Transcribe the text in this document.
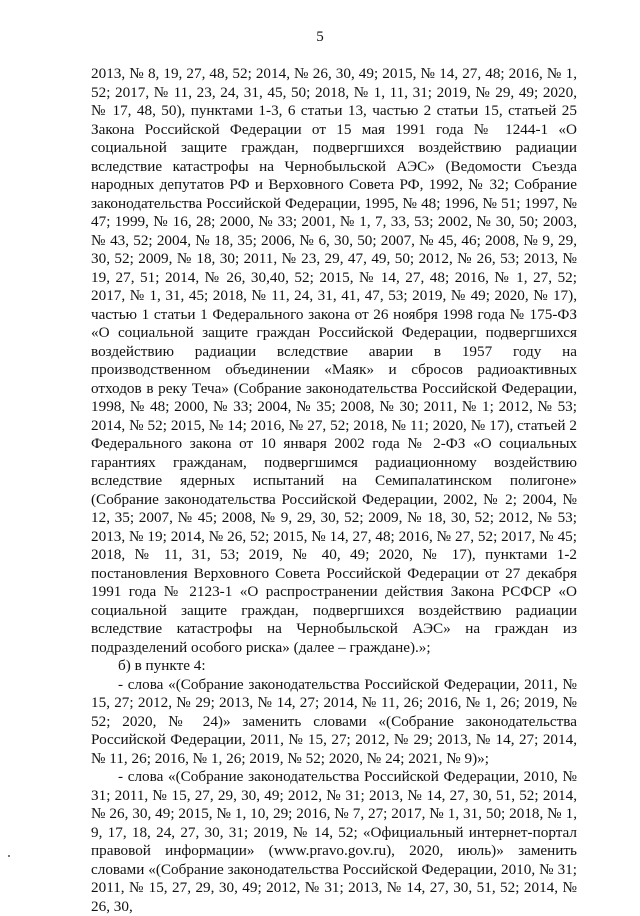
5

2013, № 8, 19, 27, 48, 52; 2014, № 26, 30, 49; 2015, № 14, 27, 48; 2016, № 1, 52; 2017, № 11, 23, 24, 31, 45, 50; 2018, № 1, 11, 31; 2019, № 29, 49; 2020, № 17, 48, 50), пунктами 1-3, 6 статьи 13, частью 2 статьи 15, статьей 25 Закона Российской Федерации от 15 мая 1991 года № 1244-1 «О социальной защите граждан, подвергшихся воздействию радиации вследствие катастрофы на Чернобыльской АЭС» (Ведомости Съезда народных депутатов РФ и Верховного Совета РФ, 1992, № 32; Собрание законодательства Российской Федерации, 1995, № 48; 1996, № 51; 1997, № 47; 1999, № 16, 28; 2000, № 33; 2001, № 1, 7, 33, 53; 2002, № 30, 50; 2003, № 43, 52; 2004, № 18, 35; 2006, № 6, 30, 50; 2007, № 45, 46; 2008, № 9, 29, 30, 52; 2009, № 18, 30; 2011, № 23, 29, 47, 49, 50; 2012, № 26, 53; 2013, № 19, 27, 51; 2014, № 26, 30,40, 52; 2015, № 14, 27, 48; 2016, № 1, 27, 52; 2017, № 1, 31, 45; 2018, № 11, 24, 31, 41, 47, 53; 2019, № 49; 2020, № 17), частью 1 статьи 1 Федерального закона от 26 ноября 1998 года № 175-ФЗ «О социальной защите граждан Российской Федерации, подвергшихся воздействию радиации вследствие аварии в 1957 году на производственном объединении «Маяк» и сбросов радиоактивных отходов в реку Теча» (Собрание законодательства Российской Федерации, 1998, № 48; 2000, № 33; 2004, № 35; 2008, № 30; 2011, № 1; 2012, № 53; 2014, № 52; 2015, № 14; 2016, № 27, 52; 2018, № 11; 2020, № 17), статьей 2 Федерального закона от 10 января 2002 года № 2-ФЗ «О социальных гарантиях гражданам, подвергшимся радиационному воздействию вследствие ядерных испытаний на Семипалатинском полигоне» (Собрание законодательства Российской Федерации, 2002, № 2; 2004, № 12, 35; 2007, № 45; 2008, № 9, 29, 30, 52; 2009, № 18, 30, 52; 2012, № 53; 2013, № 19; 2014, № 26, 52; 2015, № 14, 27, 48; 2016, № 27, 52; 2017, № 45; 2018, № 11, 31, 53; 2019, № 40, 49; 2020, № 17), пунктами 1-2 постановления Верховного Совета Российской Федерации от 27 декабря 1991 года № 2123-1 «О распространении действия Закона РСФСР «О социальной защите граждан, подвергшихся воздействию радиации вследствие катастрофы на Чернобыльской АЭС» на граждан из подразделений особого риска» (далее – граждане).»;

б) в пункте 4:

- слова «(Собрание законодательства Российской Федерации, 2011, № 15, 27; 2012, № 29; 2013, № 14, 27; 2014, № 11, 26; 2016, № 1, 26; 2019, № 52; 2020, № 24)» заменить словами «(Собрание законодательства Российской Федерации, 2011, № 15, 27; 2012, № 29; 2013, № 14, 27; 2014, № 11, 26; 2016, № 1, 26; 2019, № 52; 2020, № 24; 2021, № 9)»;

- слова «(Собрание законодательства Российской Федерации, 2010, № 31; 2011, № 15, 27, 29, 30, 49; 2012, № 31; 2013, № 14, 27, 30, 51, 52; 2014, № 26, 30, 49; 2015, № 1, 10, 29; 2016, № 7, 27; 2017, № 1, 31, 50; 2018, № 1, 9, 17, 18, 24, 27, 30, 31; 2019, № 14, 52; «Официальный интернет-портал правовой информации» (www.pravo.gov.ru), 2020, июль)» заменить словами «(Собрание законодательства Российской Федерации, 2010, № 31; 2011, № 15, 27, 29, 30, 49; 2012, № 31; 2013, № 14, 27, 30, 51, 52; 2014, № 26, 30,
